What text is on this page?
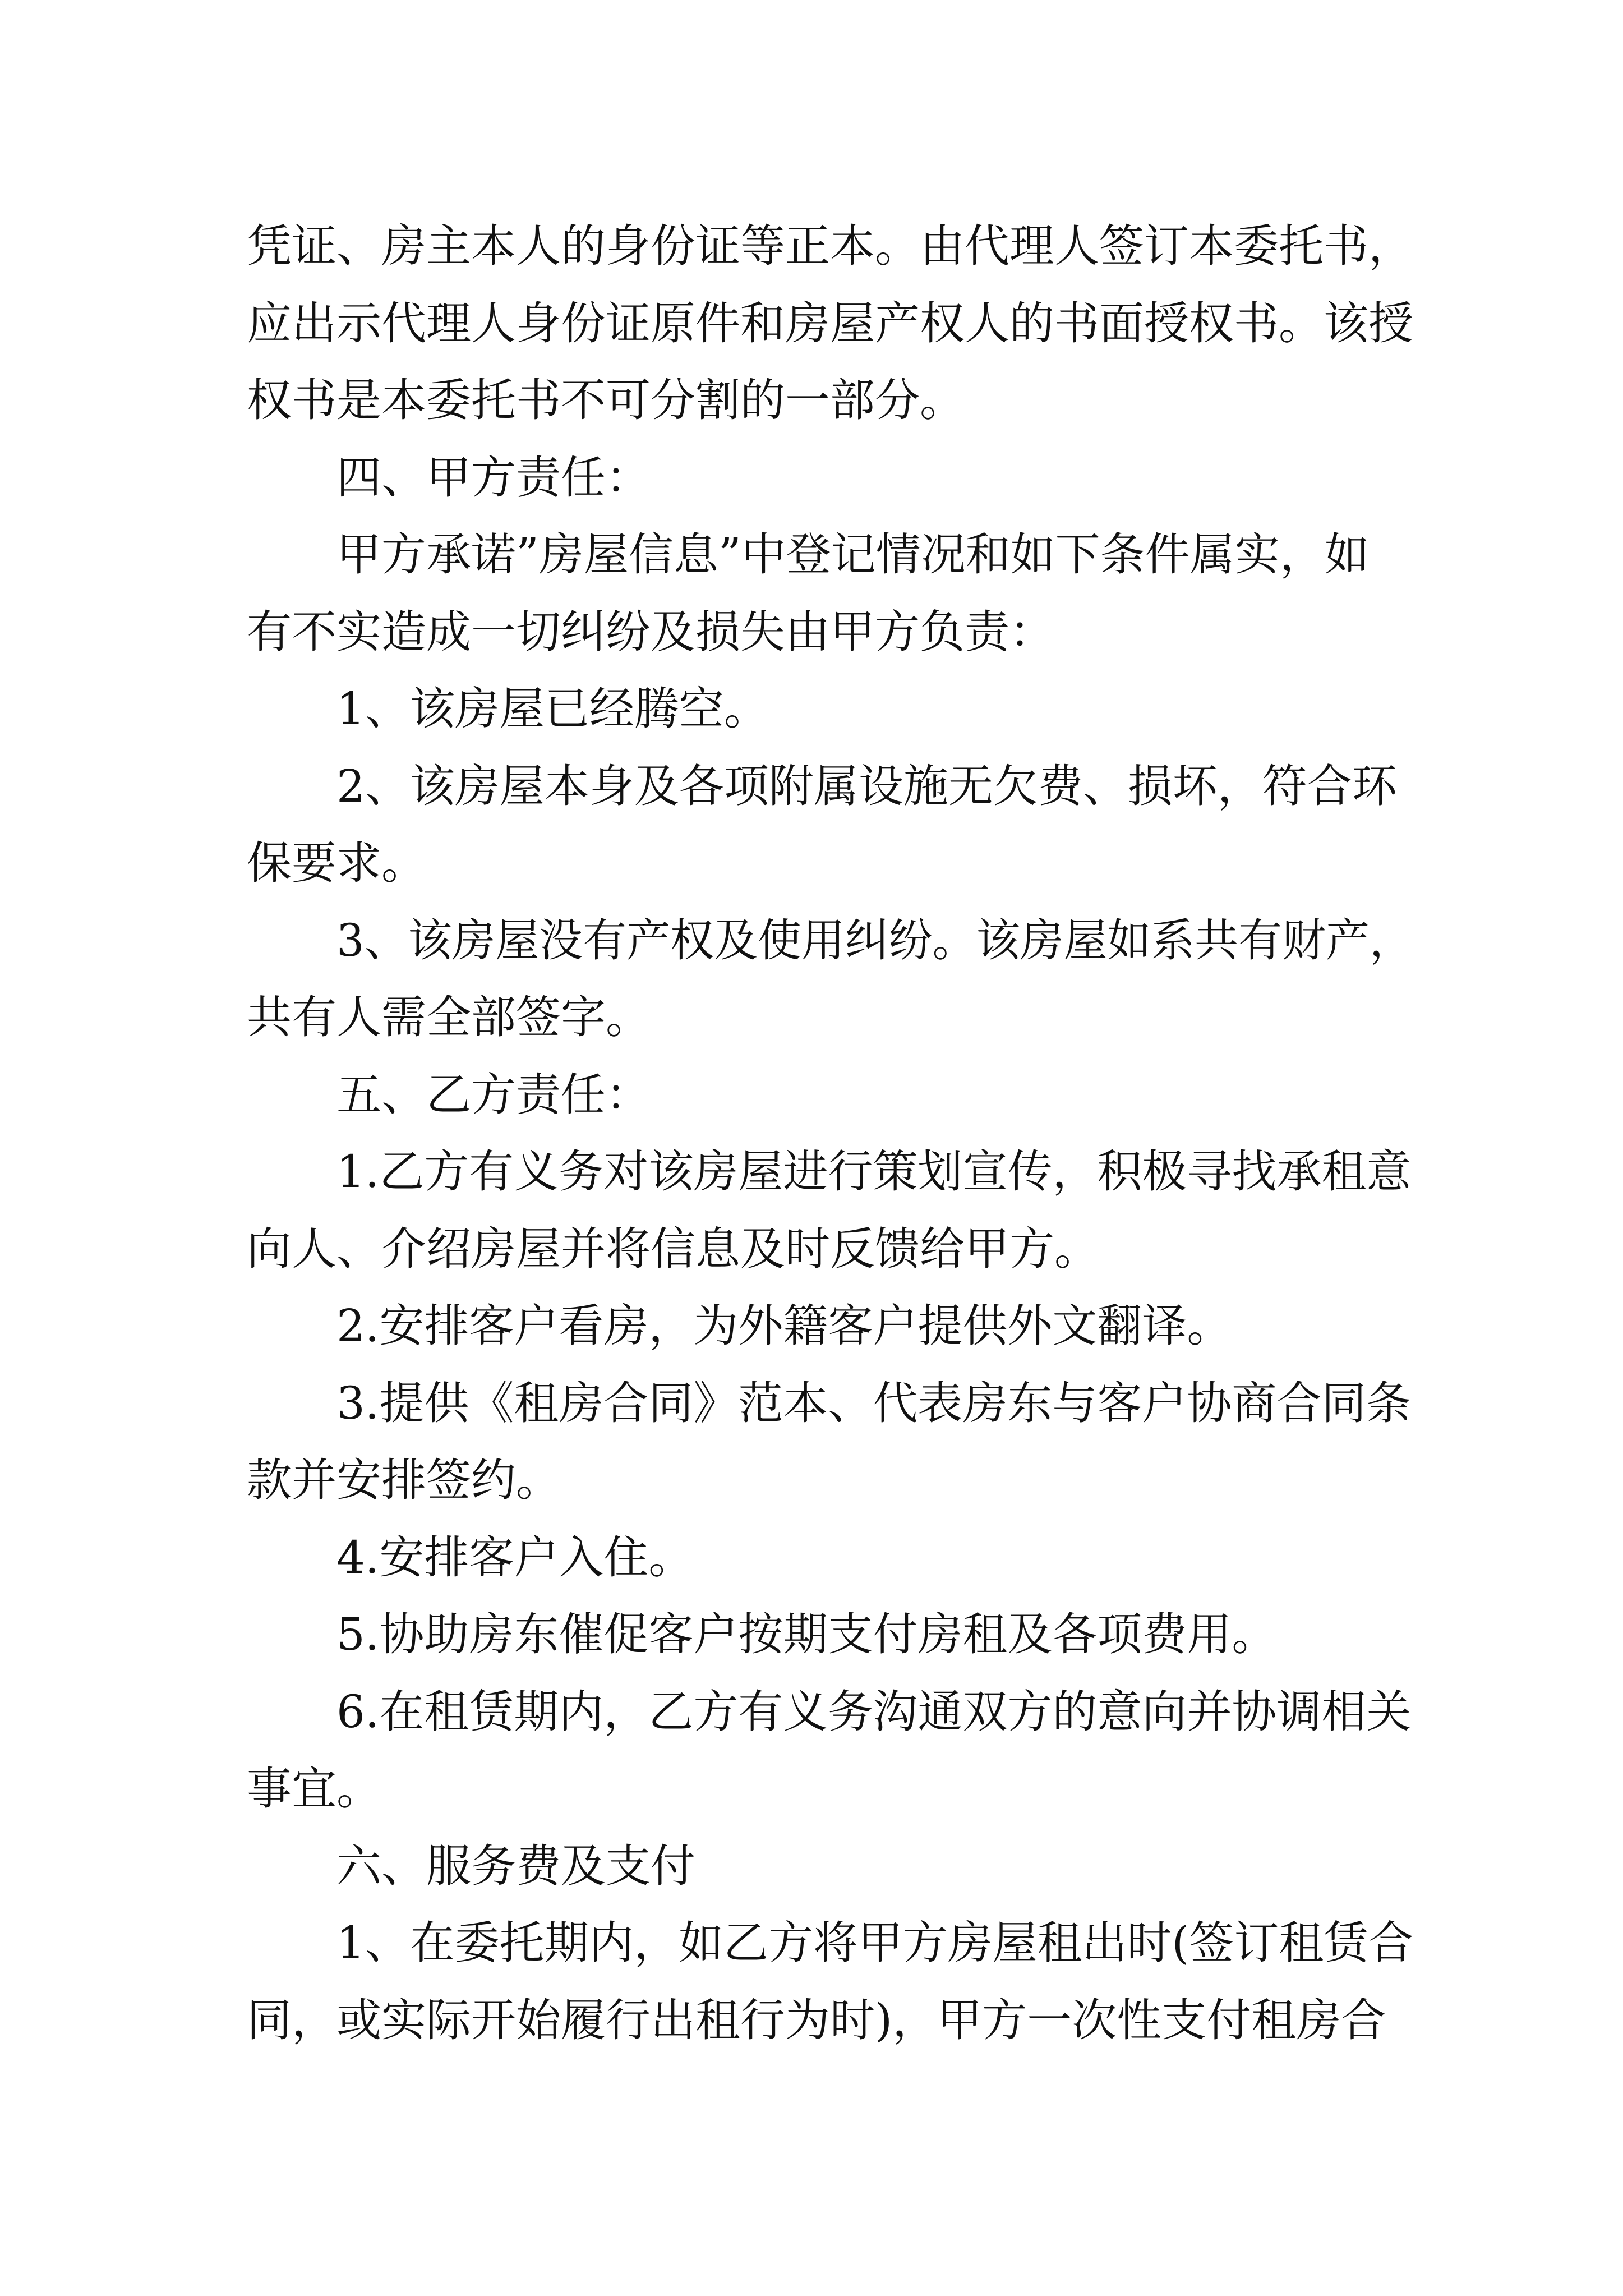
凭证、房主本人的身份证等正本。由代理人签订本委托书，
应出示代理人身份证原件和房屋产权人的书面授权书。该授
权书是本委托书不可分割的一部分。
四、甲方责任：
甲方承诺”房屋信息”中登记情况和如下条件属实，如
有不实造成一切纠纷及损失由甲方负责：
1、该房屋已经腾空。
2、该房屋本身及各项附属设施无欠费、损坏，符合环
保要求。
3、该房屋没有产权及使用纠纷。该房屋如系共有财产，
共有人需全部签字。
五、乙方责任：
1.乙方有义务对该房屋进行策划宣传，积极寻找承租意
向人、介绍房屋并将信息及时反馈给甲方。
2.安排客户看房，为外籍客户提供外文翻译。
3.提供《租房合同》范本、代表房东与客户协商合同条
款并安排签约。
4.安排客户入住。
5.协助房东催促客户按期支付房租及各项费用。
6.在租赁期内，乙方有义务沟通双方的意向并协调相关
事宜。
六、服务费及支付
1、在委托期内，如乙方将甲方房屋租出时(签订租赁合
同，或实际开始履行出租行为时)，甲方一次性支付租房合
